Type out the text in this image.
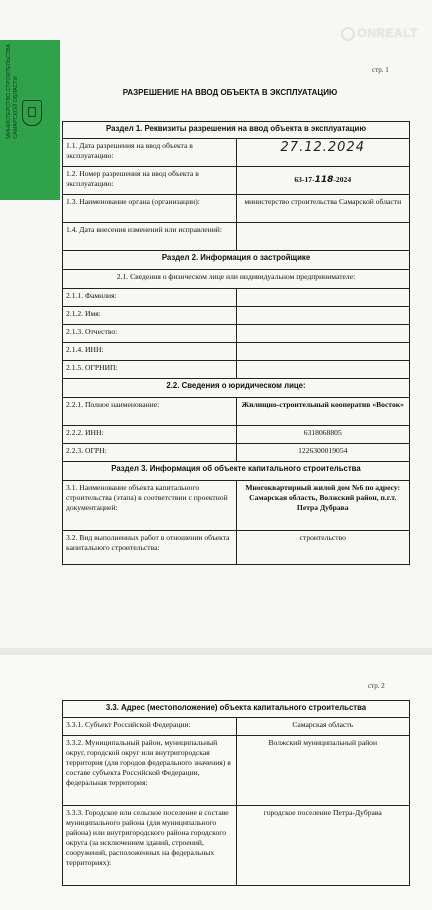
ONREALT
МИНИСТЕРСТВО СТРОИТЕЛЬСТВА
САМАРСКОЙ ОБЛАСТИ
стр. 1
РАЗРЕШЕНИЕ НА ВВОД ОБЪЕКТА В ЭКСПЛУАТАЦИЮ
Раздел 1. Реквизиты разрешения на ввод объекта в эксплуатацию	
1.1. Дата разрешения на ввод объекта в эксплуатацию:	27.12.2024
1.2. Номер разрешения на ввод объекта в эксплуатацию:	63-17-118-2024
1.3. Наименование органа (организации):	министерство строительства Самарской области
1.4. Дата внесения изменений или исправлений:	
Раздел 2. Информация о застройщике	
2.1. Сведения о физическом лице или индивидуальном предпринимателе:	
2.1.1. Фамилия:	
2.1.2. Имя:	
2.1.3. Отчество:	
2.1.4. ИНН:	
2.1.5. ОГРНИП:	
2.2. Сведения о юридическом лице:	
2.2.1. Полное наименование:	Жилищно-строительный кооператив «Восток»
2.2.2. ИНН:	6318068805
2.2.3. ОГРН:	1226300019054
Раздел 3. Информация об объекте капитального строительства	
3.1. Наименование объекта капитального строительства (этапа) в соответствии с проектной документацией:	Многоквартирный жилой дом №6 по адресу: Самарская область, Волжский район, п.г.т. Петра Дубрава
3.2. Вид выполненных работ в отношении объекта капитального строительства:	строительство
стр. 2
3.3. Адрес (местоположение) объекта капитального строительства	
3.3.1. Субъект Российской Федерации:	Самарская область
3.3.2. Муниципальный район, муниципальный округ, городской округ или внутригородская территория (для городов федерального значения) в составе субъекта Российской Федерации, федеральная территория:	Волжский муниципальный район
3.3.3. Городское или сельское поселение в составе муниципального района (для муниципального района) или внутригородского района городского округа (за исключением зданий, строений, сооружений, расположенных на федеральных территориях):	городское поселение Петра-Дубрава
